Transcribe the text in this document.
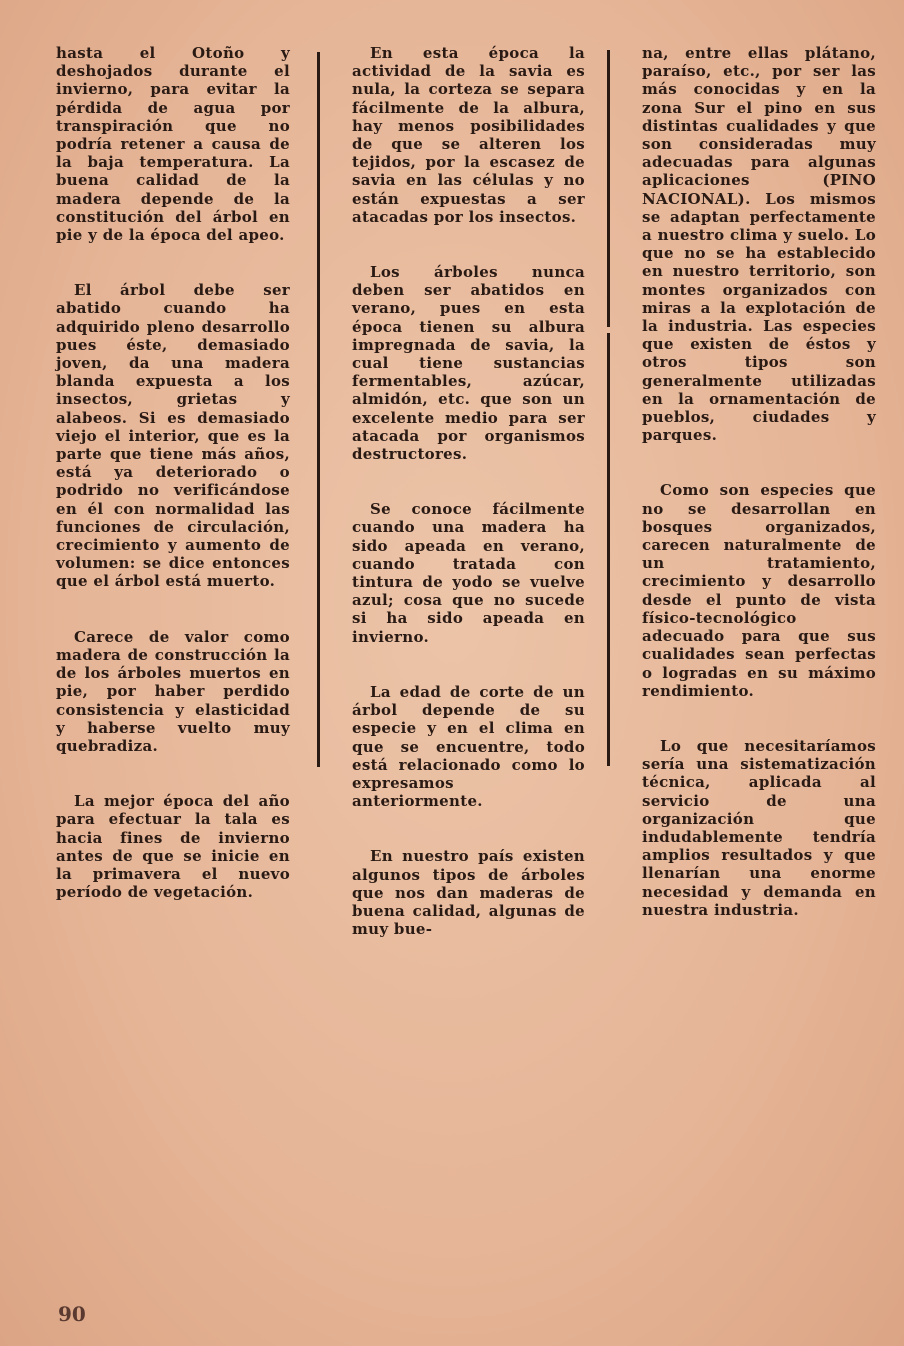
hasta el Otoño y deshojados durante el invierno, para evitar la pérdida de agua por transpiración que no podría retener a causa de la baja temperatura. La buena calidad de la madera depende de la constitución del árbol en pie y de la época del apeo.

El árbol debe ser abatido cuando ha adquirido pleno desarrollo pues éste, demasiado joven, da una madera blanda expuesta a los insectos, grietas y alabeos. Si es demasiado viejo el interior, que es la parte que tiene más años, está ya deteriorado o podrido no verificándose en él con normalidad las funciones de circulación, crecimiento y aumento de volumen: se dice entonces que el árbol está muerto.

Carece de valor como madera de construcción la de los árboles muertos en pie, por haber perdido consistencia y elasticidad y haberse vuelto muy quebradiza.

La mejor época del año para efectuar la tala es hacia fines de invierno antes de que se inicie en la primavera el nuevo período de vegetación.

En esta época la actividad de la savia es nula, la corteza se separa fácilmente de la albura, hay menos posibilidades de que se alteren los tejidos, por la escasez de savia en las células y no están expuestas a ser atacadas por los insectos.

Los árboles nunca deben ser abatidos en verano, pues en esta época tienen su albura impregnada de savia, la cual tiene sustancias fermentables, azúcar, almidón, etc. que son un excelente medio para ser atacada por organismos destructores.

Se conoce fácilmente cuando una madera ha sido apeada en verano, cuando tratada con tintura de yodo se vuelve azul; cosa que no sucede si ha sido apeada en invierno.

La edad de corte de un árbol depende de su especie y en el clima en que se encuentre, todo está relacionado como lo expresamos anteriormente.

En nuestro país existen algunos tipos de árboles que nos dan maderas de buena calidad, algunas de muy bue-

na, entre ellas plátano, paraíso, etc., por ser las más conocidas y en la zona Sur el pino en sus distintas cualidades y que son consideradas muy adecuadas para algunas aplicaciones (PINO NACIONAL). Los mismos se adaptan perfectamente a nuestro clima y suelo. Lo que no se ha establecido en nuestro territorio, son montes organizados con miras a la explotación de la industria. Las especies que existen de éstos y otros tipos son generalmente utilizadas en la ornamentación de pueblos, ciudades y parques.

Como son especies que no se desarrollan en bosques organizados, carecen naturalmente de un tratamiento, crecimiento y desarrollo desde el punto de vista físico-tecnológico adecuado para que sus cualidades sean perfectas o logradas en su máximo rendimiento.

Lo que necesitaríamos sería una sistematización técnica, aplicada al servicio de una organización que indudablemente tendría amplios resultados y que llenarían una enorme necesidad y demanda en nuestra industria.

90
